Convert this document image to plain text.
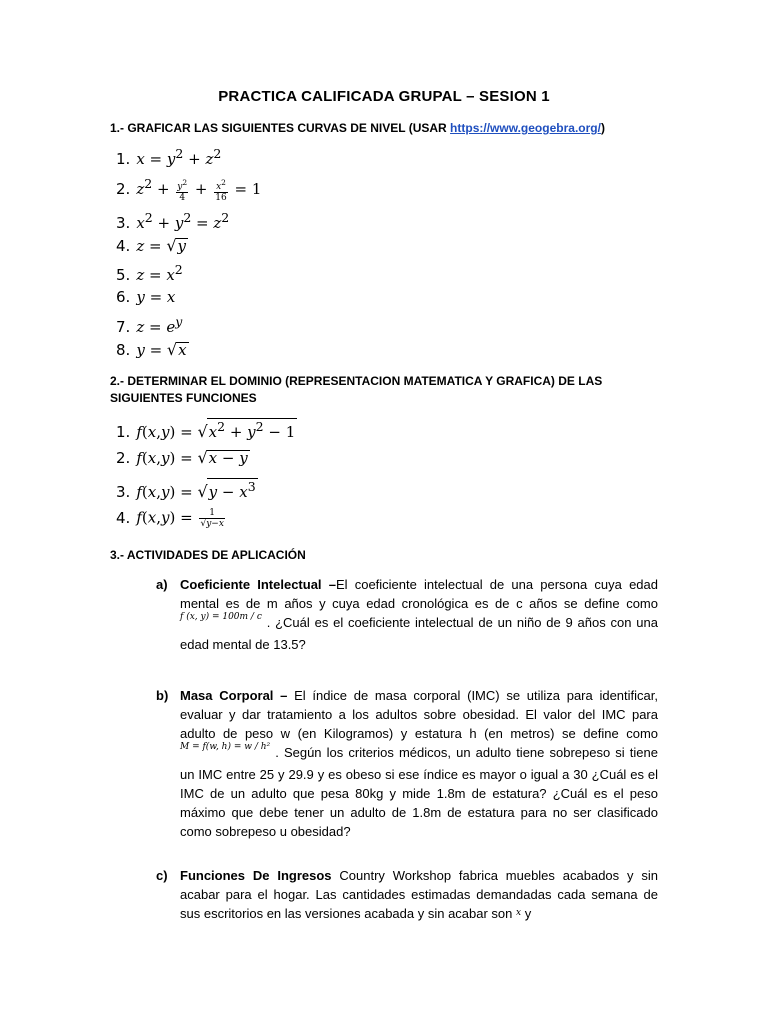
PRACTICA CALIFICADA GRUPAL – SESION 1
1.- GRAFICAR LAS SIGUIENTES CURVAS DE NIVEL (USAR https://www.geogebra.org/)
1. $x = y^2 + z^2$
2. $z^2 + \frac{y^2}{4} + \frac{x^2}{16} = 1$
3. $x^2 + y^2 = z^2$
4. z = √y
5. $z = x^2$
6. y = x
7. $z = e^y$
8. y = √x
2.- DETERMINAR EL DOMINIO (REPRESENTACION MATEMATICA Y GRAFICA) DE LAS SIGUIENTES FUNCIONES
1. $f(x,y) = √x^2 + y^2 - 1$
2. f(x,y) = √x − y
3. $f(x,y) = √y - x^3$
4. $f(x,y) = \frac{1}{√y-x}$
3.- ACTIVIDADES DE APLICACIÓN
a) Coeficiente Intelectual –El coeficiente intelectual de una persona cuya edad mental es de m años y cuya edad cronológica es de c años se define como f (x, y) = 100m / c . ¿Cuál es el coeficiente intelectual de un niño de 9 años con una edad mental de 13.5?
b) Masa Corporal – El índice de masa corporal (IMC) se utiliza para identificar, evaluar y dar tratamiento a los adultos sobre obesidad. El valor del IMC para adulto de peso w (en Kilogramos) y estatura h (en metros) se define como M = f(w, h) = w / h² . Según los criterios médicos, un adulto tiene sobrepeso si tiene un IMC entre 25 y 29.9 y es obeso si ese índice es mayor o igual a 30 ¿Cuál es el IMC de un adulto que pesa 80kg y mide 1.8m de estatura? ¿Cuál es el peso máximo que debe tener un adulto de 1.8m de estatura para no ser clasificado como sobrepeso u obesidad?
c) Funciones De Ingresos Country Workshop fabrica muebles acabados y sin acabar para el hogar. Las cantidades estimadas demandadas cada semana de sus escritorios en las versiones acabada y sin acabar son x y
